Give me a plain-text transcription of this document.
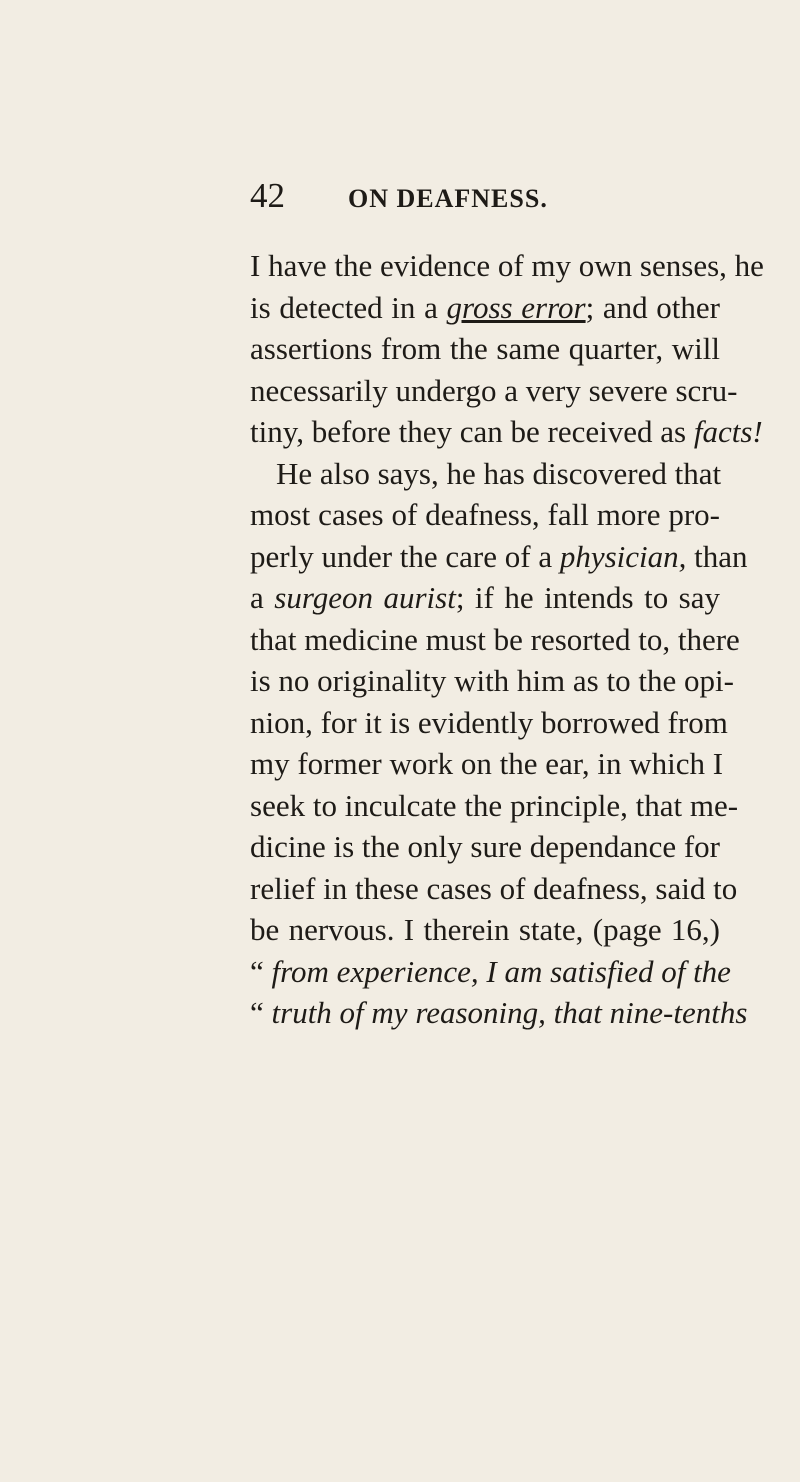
42 ON DEAFNESS.
I have the evidence of my own senses, he
is detected in a gross error; and other
assertions from the same quarter, will
necessarily undergo a very severe scru-
tiny, before they can be received as facts!
He also says, he has discovered that
most cases of deafness, fall more pro-
perly under the care of a physician, than
a surgeon aurist; if he intends to say
that medicine must be resorted to, there
is no originality with him as to the opi-
nion, for it is evidently borrowed from
my former work on the ear, in which I
seek to inculcate the principle, that me-
dicine is the only sure dependance for
relief in these cases of deafness, said to
be nervous. I therein state, (page 16,)
“ from experience, I am satisfied of the
“ truth of my reasoning, that nine-tenths
